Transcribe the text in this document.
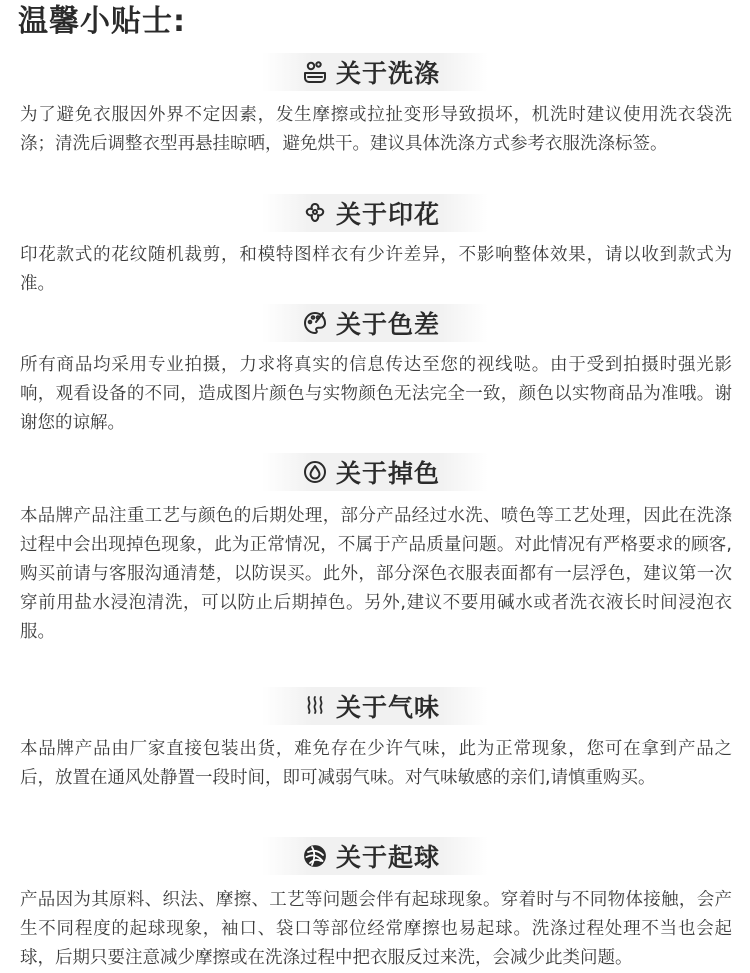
温馨小贴士:
关于洗涤

为了避免衣服因外界不定因素，发生摩擦或拉扯变形导致损坏，机洗时建议使用洗衣袋洗涤；清洗后调整衣型再悬挂晾晒，避免烘干。建议具体洗涤方式参考衣服洗涤标签。

关于印花

印花款式的花纹随机裁剪，和模特图样衣有少许差异，不影响整体效果，请以收到款式为准。

关于色差

所有商品均采用专业拍摄，力求将真实的信息传达至您的视线哒。由于受到拍摄时强光影响，观看设备的不同，造成图片颜色与实物颜色无法完全一致，颜色以实物商品为准哦。谢谢您的谅解。

关于掉色

本品牌产品注重工艺与颜色的后期处理，部分产品经过水洗、喷色等工艺处理，因此在洗涤过程中会出现掉色现象，此为正常情况，不属于产品质量问题。对此情况有严格要求的顾客,购买前请与客服沟通清楚，以防误买。此外，部分深色衣服表面都有一层浮色，建议第一次穿前用盐水浸泡清洗，可以防止后期掉色。另外,建议不要用碱水或者洗衣液长时间浸泡衣服。

关于气味

本品牌产品由厂家直接包装出货，难免存在少许气味，此为正常现象，您可在拿到产品之后，放置在通风处静置一段时间，即可减弱气味。对气味敏感的亲们,请慎重购买。

关于起球

产品因为其原料、织法、摩擦、工艺等问题会伴有起球现象。穿着时与不同物体接触，会产生不同程度的起球现象，袖口、袋口等部位经常摩擦也易起球。洗涤过程处理不当也会起球，后期只要注意减少摩擦或在洗涤过程中把衣服反过来洗，会减少此类问题。
